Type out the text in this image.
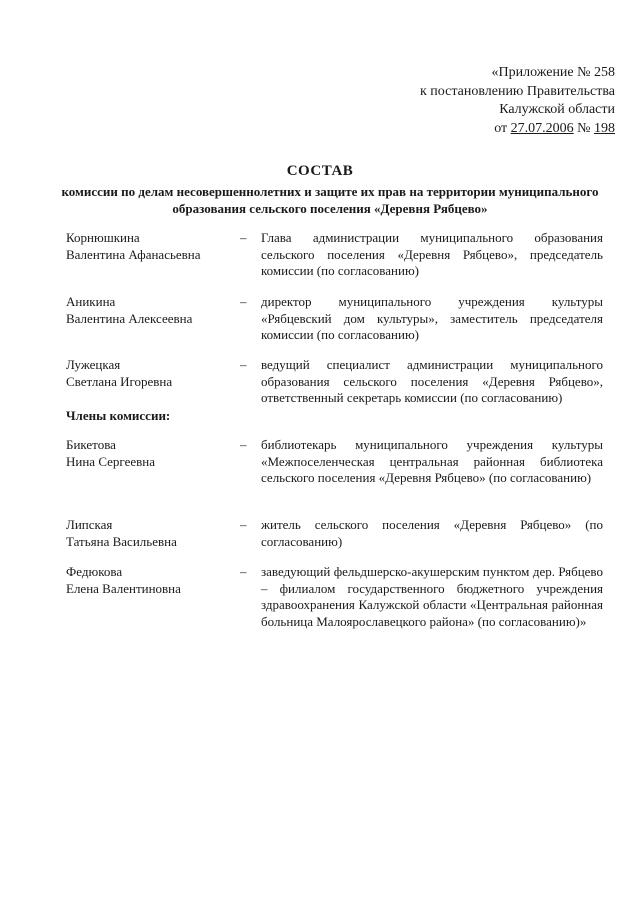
«Приложение № 258
к постановлению Правительства
Калужской области
от 27.07.2006 № 198
СОСТАВ
комиссии по делам несовершеннолетних и защите их прав на территории муниципального образования сельского поселения «Деревня Рябцево»
Корнюшкина
Валентина Афанасьевна
–	Глава администрации муниципального образования сельского поселения «Деревня Рябцево», председатель комиссии (по согласованию)
Аникина
Валентина Алексеевна
–	директор муниципального учреждения культуры «Рябцевский дом культуры», заместитель председателя комиссии (по согласованию)
Лужецкая
Светлана Игоревна
–	ведущий специалист администрации муниципального образования сельского поселения «Деревня Рябцево», ответственный секретарь комиссии (по согласованию)
Члены комиссии:
Бикетова
Нина Сергеевна
–	библиотекарь муниципального учреждения культуры «Межпоселенческая центральная районная библиотека сельского поселения «Деревня Рябцево» (по согласованию)
Липская
Татьяна Васильевна
–	житель сельского поселения «Деревня Рябцево» (по согласованию)
Федюкова
Елена Валентиновна
–	заведующий фельдшерско-акушерским пунктом дер. Рябцево – филиалом государственного бюджетного учреждения здравоохранения Калужской области «Центральная районная больница Малоярославецкого района» (по согласованию)»
